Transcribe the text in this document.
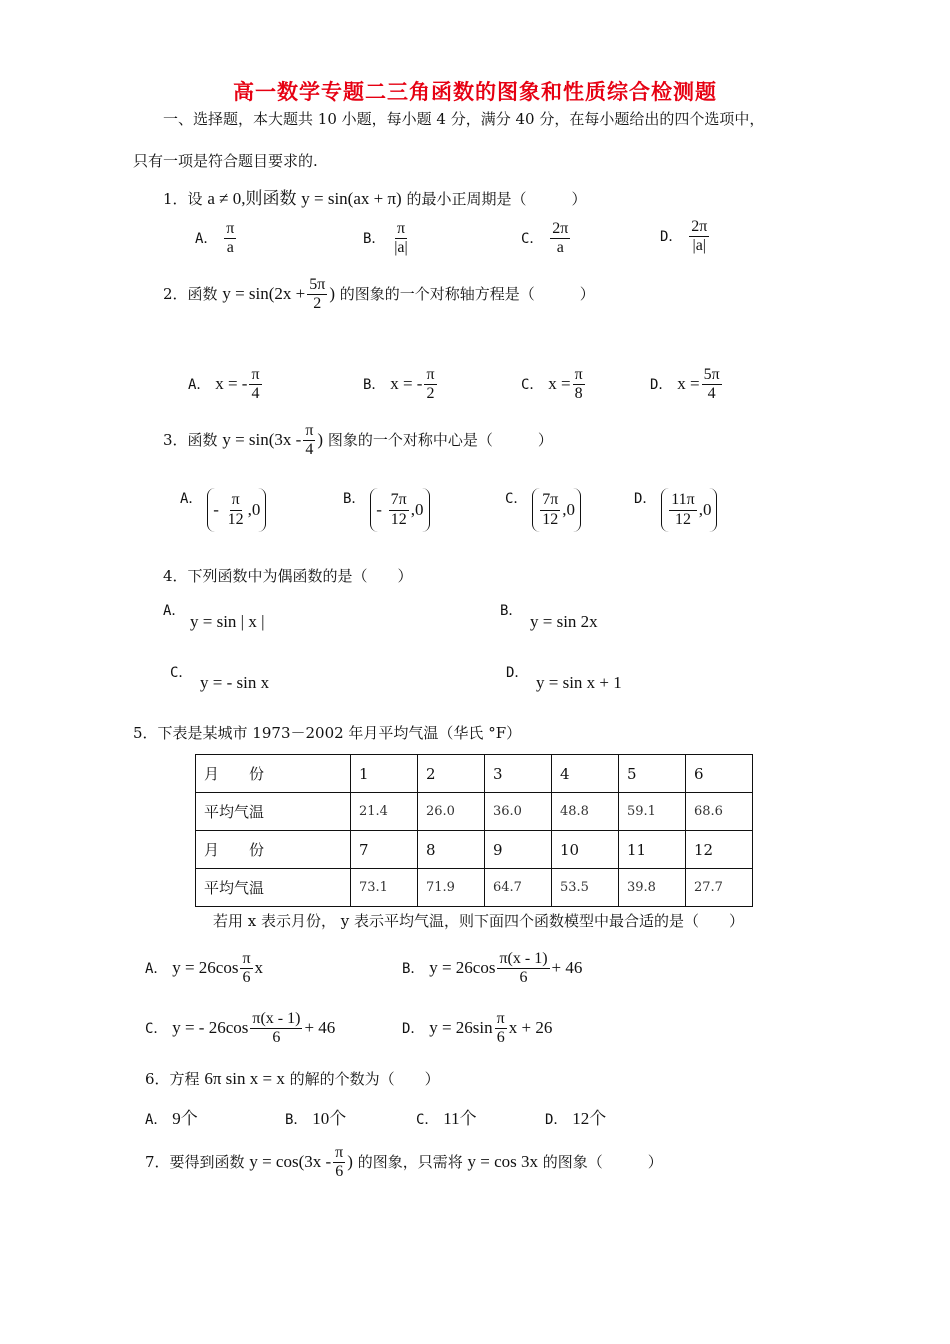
高一数学专题二三角函数的图象和性质综合检测题
一、选择题，本大题共 10 小题，每小题 4 分，满分 40 分，在每小题给出的四个选项中，
只有一项是符合题目要求的.
1．设 a ≠ 0,则函数 y = sin(ax + π) 的最小正周期是（　　　）
A． $\frac{\pi}{a}$	B． $\frac{\pi}{|a|}$	C． $\frac{2\pi}{a}$	D． $\frac{2\pi}{|a|}$
2．函数 $y = \sin(2x + \frac{5\pi}{2}$ ) 的图象的一个对称轴方程是（　　　）
A． x = - $\frac{\pi}{4}$	B． x = - $\frac{\pi}{2}$	C． $x = \frac{\pi}{8}$	D． $x = \frac{5\pi}{4}$
3．函数 $y = \sin(3x - \frac{\pi}{4}$ ) 图象的一个对称中心是（　　　）
A．
-

π
12 ,0
B．
-

7π
12 ,0
C． 7π
12 ,0
D． 11π
12 ,0
4．下列函数中为偶函数的是（　　）
A．
y = sin | x |
B．
y = sin 2x
C． y = - sin x	D． y = sin x + 1
5．下表是某城市 1973－2002 年月平均气温（华氏 °F）
月　　份	1	2	3	4	5	6
平均气温	21.4	26.0	36.0	48.8	59.1	68.6
月　　份	7	8	9	10	11	12
平均气温	73.1	71.9	64.7	53.5	39.8	27.7
若用 x 表示月份， y 表示平均气温，则下面四个函数模型中最合适的是（　　）
A． $y = 26\cos \frac{\pi}{6}$ x	B． $y = 26\cos \frac{\pi(x - 1)}{6} + 46$
C． y = - $26\cos \frac{\pi(x - 1)}{6} + 46$	D． $y = 26\sin \frac{\pi}{6}$ x + 26
6．方程 6π sin x = x 的解的个数为（　　）
A． 9个	B． 10个	C． 11个	D． 12个
7．要得到函数 $y = \cos(3x - \frac{\pi}{6}$ ) 的图象，只需将 y = cos 3x 的图象（　　　）
